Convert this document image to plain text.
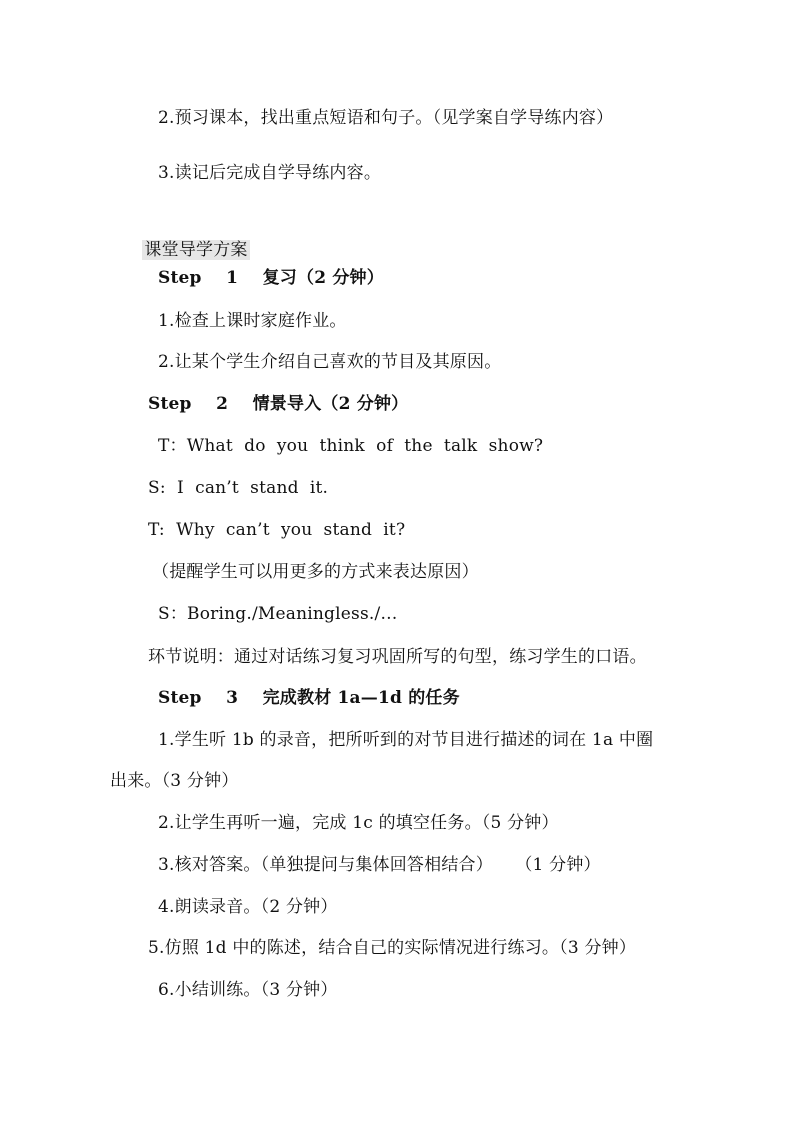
2.预习课本，找出重点短语和句子。（见学案自学导练内容）
3.读记后完成自学导练内容。

课堂导学方案

Step    1    复习（2 分钟）
1.检查上课时家庭作业。
2.让某个学生介绍自己喜欢的节目及其原因。
Step    2    情景导入（2 分钟）
T：What  do  you  think  of  the  talk  show?
S:  I  can’t  stand  it.
T:  Why  can’t  you  stand  it?
（提醒学生可以用更多的方式来表达原因）
S：Boring./Meaningless./…
环节说明：通过对话练习复习巩固所写的句型，练习学生的口语。
Step    3    完成教材 1a—1d 的任务
1.学生听 1b 的录音，把所听到的对节目进行描述的词在 1a 中圈
出来。（3 分钟）
2.让学生再听一遍，完成 1c 的填空任务。（5 分钟）
3.核对答案。（单独提问与集体回答相结合）    （1 分钟）
4.朗读录音。（2 分钟）
5.仿照 1d 中的陈述，结合自己的实际情况进行练习。（3 分钟）
6.小结训练。（3 分钟）
